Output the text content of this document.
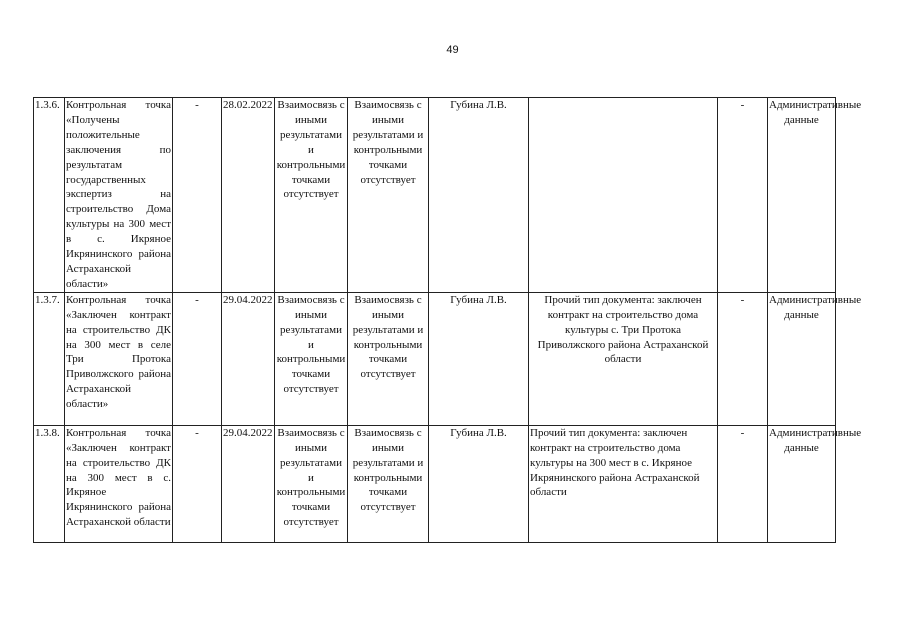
49
1.3.6.	Контрольная точка «Получены положительные заключения по результатам государственных экспертиз на строительство Дома культуры на 300 мест в с. Икряное Икрянинского района Астраханской области»	-	28.02.2022	Взаимосвязь с иными результатами и контрольными точками отсутствует	Взаимосвязь с иными результатами и контрольными точками отсутствует	Губина Л.В.		-	Административные данные
1.3.7.	Контрольная точка «Заключен контракт на строительство ДК на 300 мест в селе Три Протока Приволжского района Астраханской области»	-	29.04.2022	Взаимосвязь с иными результатами и контрольными точками отсутствует	Взаимосвязь с иными результатами и контрольными точками отсутствует	Губина Л.В.	Прочий тип документа: заключен контракт на строительство дома культуры с. Три Протока Приволжского района Астраханской области	-	Административные данные
1.3.8.	Контрольная точка «Заключен контракт на строительство ДК на 300 мест в с. Икряное Икрянинского района Астраханской области	-	29.04.2022	Взаимосвязь с иными результатами и контрольными точками отсутствует	Взаимосвязь с иными результатами и контрольными точками отсутствует	Губина Л.В.	Прочий тип документа: заключен контракт на строительство дома культуры на 300 мест в с. Икряное Икрянинского района Астраханской области	-	Административные данные
